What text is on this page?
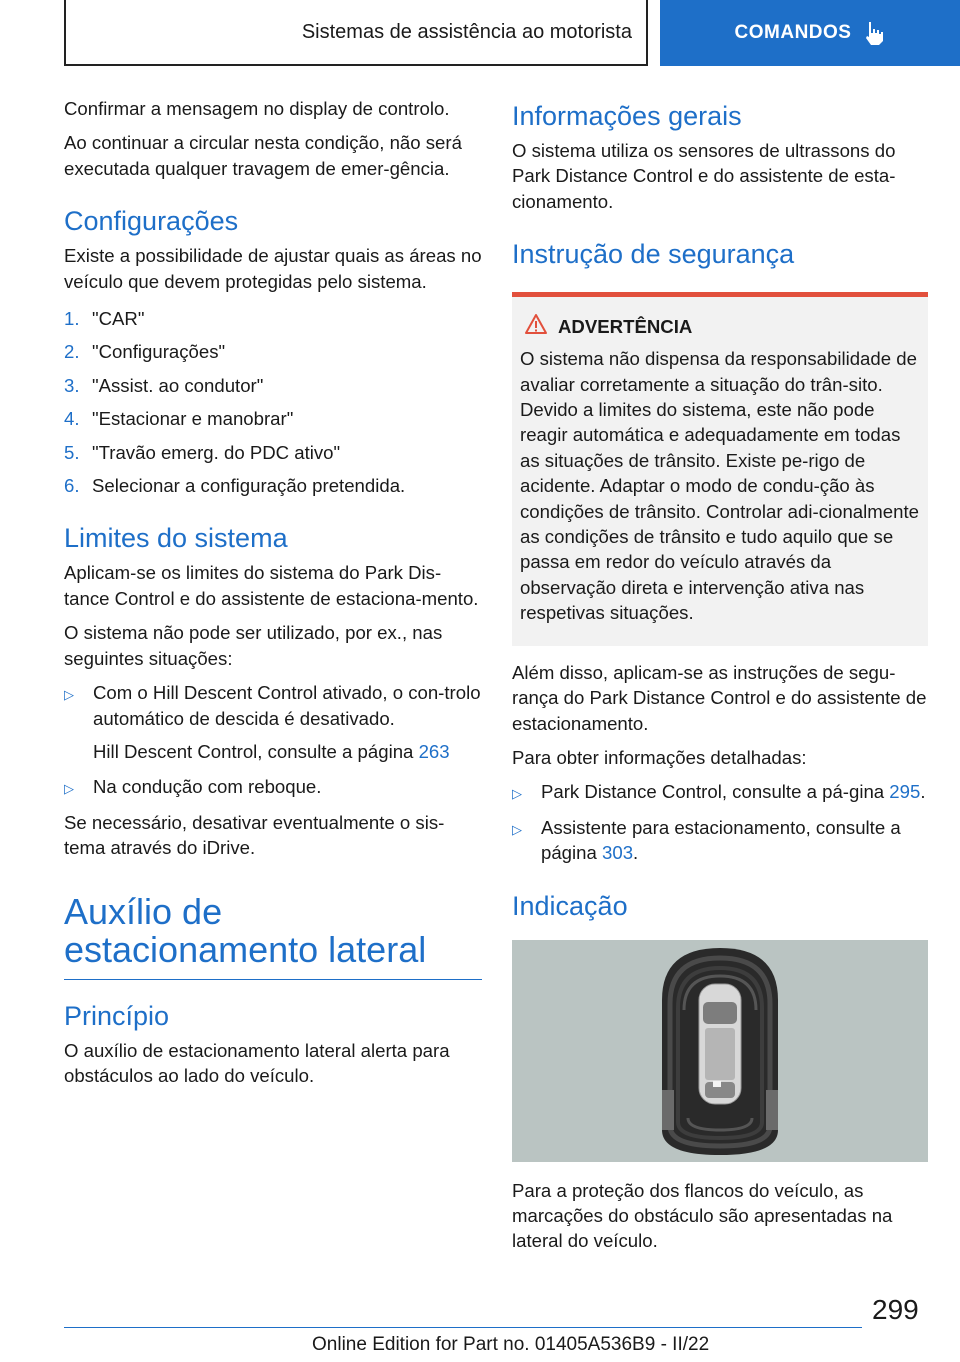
Sistemas de assistência ao motorista	COMANDOS

Confirmar a mensagem no display de controlo.

Ao continuar a circular nesta condição, não será executada qualquer travagem de emer-gência.

Configurações

Existe a possibilidade de ajustar quais as áreas no veículo que devem protegidas pelo sistema.

1. "CAR"
2. "Configurações"
3. "Assist. ao condutor"
4. "Estacionar e manobrar"
5. "Travão emerg. do PDC ativo"
6. Selecionar a configuração pretendida.
Limites do sistema

Aplicam-se os limites do sistema do Park Dis-tance Control e do assistente de estaciona-mento.

O sistema não pode ser utilizado, por ex., nas seguintes situações:

▷	Com o Hill Descent Control ativado, o con-trolo automático de descida é desativado.
Hill Descent Control, consulte a página 263
▷	Na condução com reboque.

Se necessário, desativar eventualmente o sis-tema através do iDrive.

Auxílio de estacionamento lateral
Princípio

O auxílio de estacionamento lateral alerta para obstáculos ao lado do veículo.

Informações gerais

O sistema utiliza os sensores de ultrassons do Park Distance Control e do assistente de esta-cionamento.

Instrução de segurança
ADVERTÊNCIA

O sistema não dispensa da responsabilidade de avaliar corretamente a situação do trân-sito. Devido a limites do sistema, este não pode reagir automática e adequadamente em todas as situações de trânsito. Existe pe-rigo de acidente. Adaptar o modo de condu-ção às condições de trânsito. Controlar adi-cionalmente as condições de trânsito e tudo aquilo que se passa em redor do veículo através da observação direta e intervenção ativa nas respetivas situações.

Além disso, aplicam-se as instruções de segu-rança do Park Distance Control e do assistente de estacionamento.

Para obter informações detalhadas:

▷	Park Distance Control, consulte a pá-gina 295.
▷	Assistente para estacionamento, consulte a página 303.
Indicação

Para a proteção dos flancos do veículo, as marcações do obstáculo são apresentadas na lateral do veículo.

299
Online Edition for Part no. 01405A536B9 - II/22
